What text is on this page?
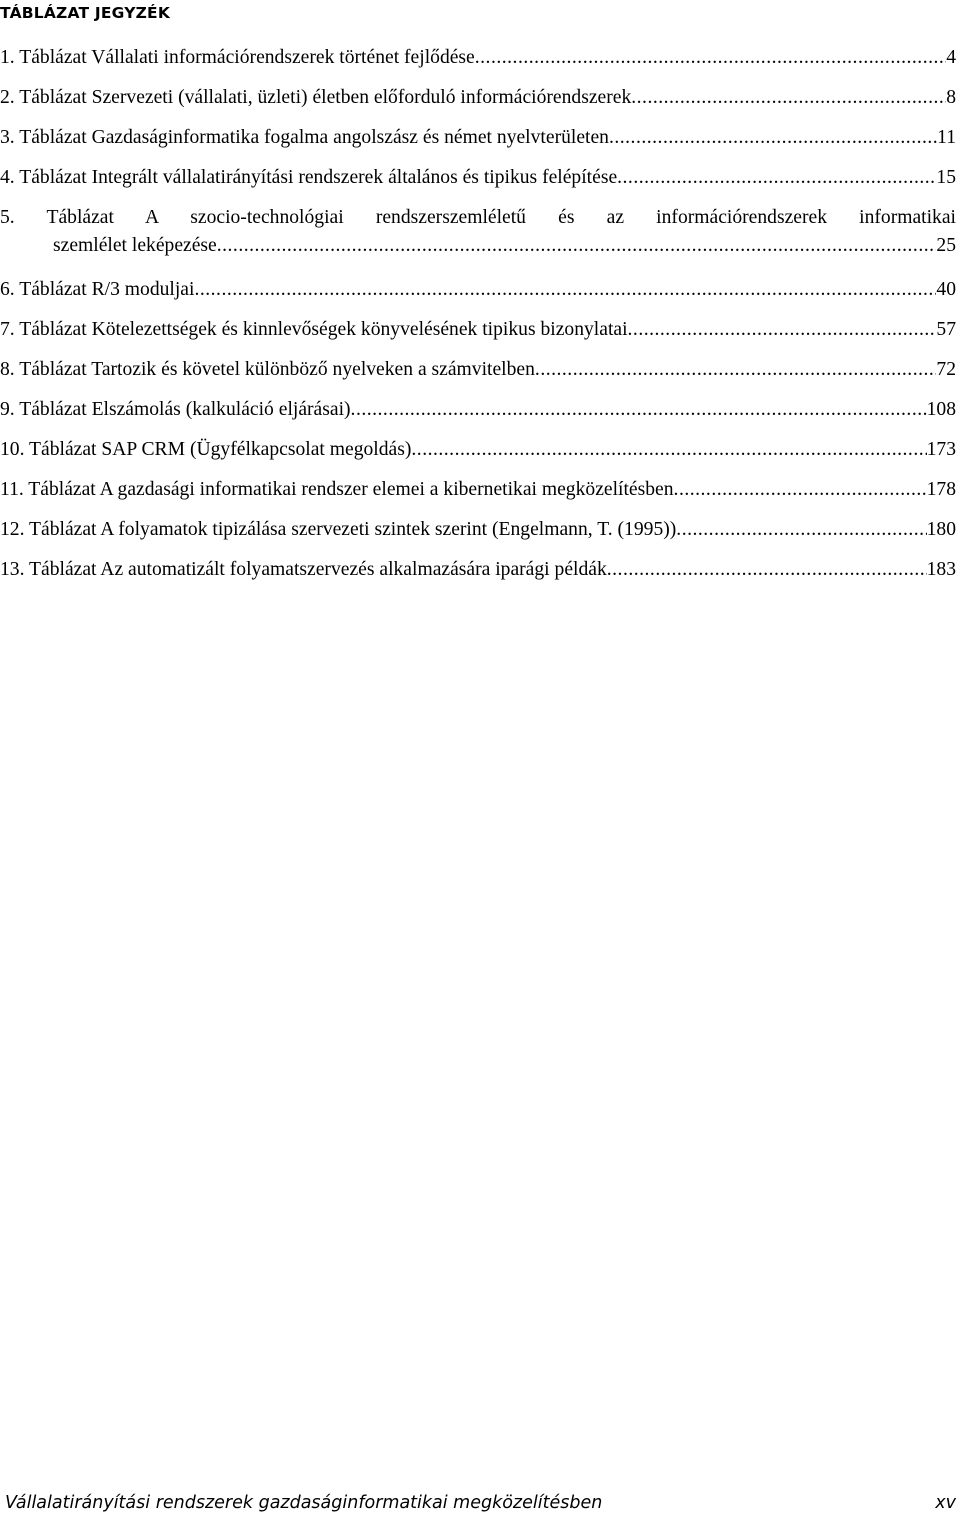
TÁBLÁZAT JEGYZÉK
1. Táblázat Vállalati információrendszerek történet fejlődése . . .	4
2. Táblázat Szervezeti (vállalati, üzleti) életben előforduló információrendszerek . . .	8
3. Táblázat Gazdaságinformatika fogalma angolszász és német nyelvterületen . . .	11
4. Táblázat Integrált vállalatirányítási rendszerek általános és tipikus felépítése . . .	15
5. Táblázat A szocio-technológiai rendszerszemléletű és az információrendszerek informatikai
szemlélet leképezése . . .	25
6. Táblázat R/3 moduljai . . .	40
7. Táblázat Kötelezettségek és kinnlevőségek könyvelésének tipikus bizonylatai . . .	57
8. Táblázat Tartozik és követel különböző nyelveken a számvitelben . . .	72
9. Táblázat Elszámolás (kalkuláció eljárásai) . . .	108
10. Táblázat SAP CRM (Ügyfélkapcsolat megoldás) . . .	173
11. Táblázat A gazdasági informatikai rendszer elemei a kibernetikai megközelítésben . . .	178
12. Táblázat A folyamatok tipizálása szervezeti szintek szerint (Engelmann, T. (1995)) . . .	180
13. Táblázat Az automatizált folyamatszervezés alkalmazására iparági példák . . .	183
Vállalatirányítási rendszerek gazdaságinformatikai megközelítésben	xv
